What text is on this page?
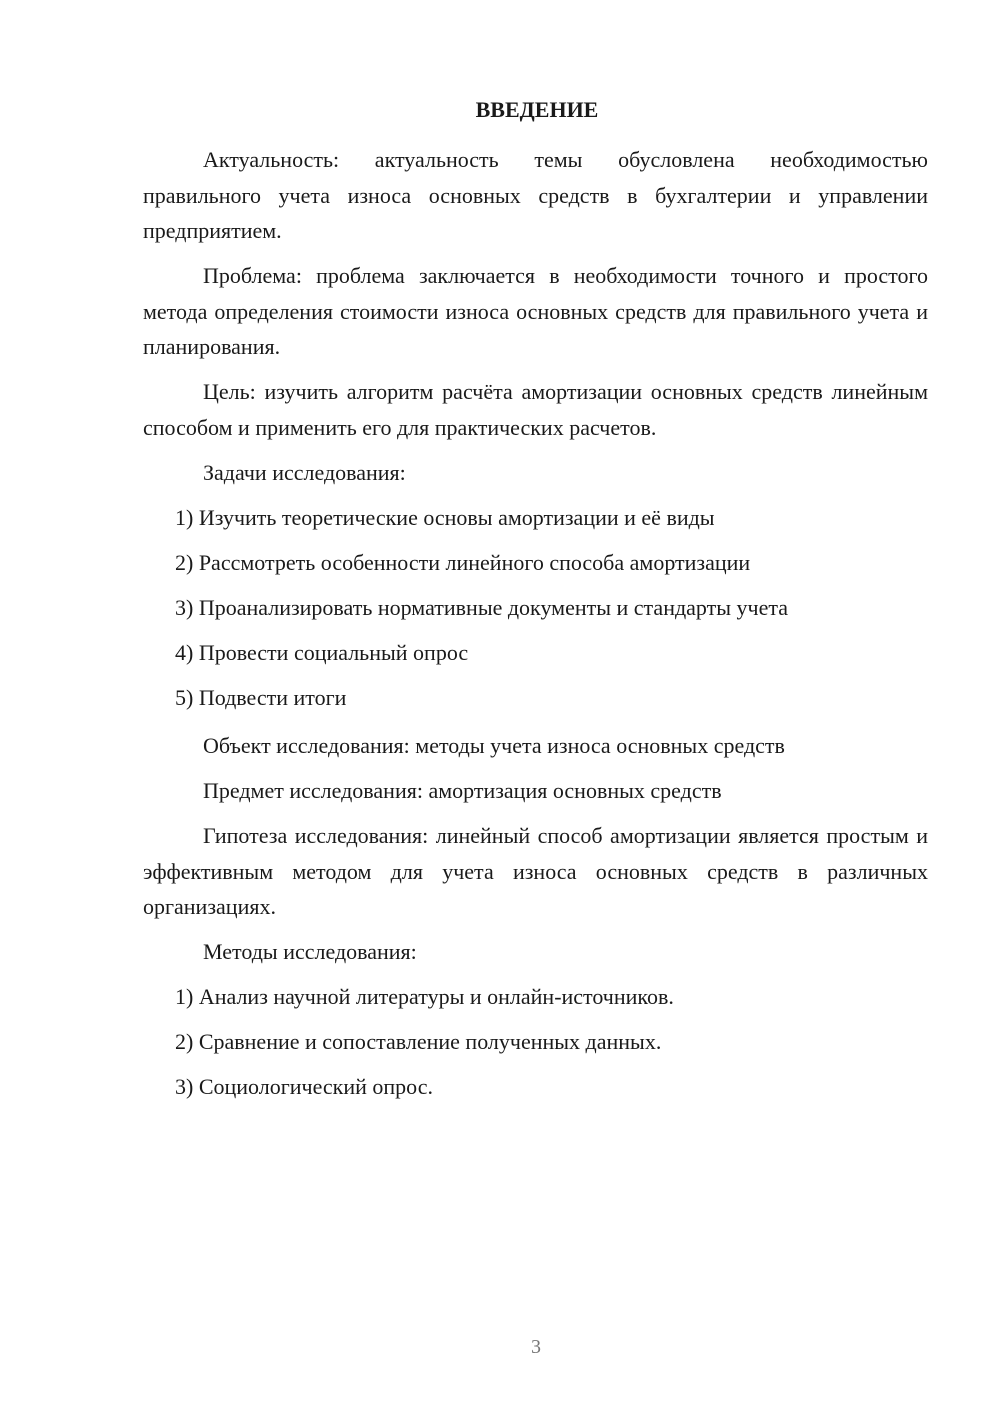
ВВЕДЕНИЕ

Актуальность: актуальность темы обусловлена необходимостью правильного учета износа основных средств в бухгалтерии и управлении предприятием.

Проблема: проблема заключается в необходимости точного и простого метода определения стоимости износа основных средств для правильного учета и планирования.

Цель: изучить алгоритм расчёта амортизации основных средств линейным способом и применить его для практических расчетов.

Задачи исследования:

1) Изучить теоретические основы амортизации и её виды
2) Рассмотреть особенности линейного способа амортизации
3) Проанализировать нормативные документы и стандарты учета
4) Провести социальный опрос
5) Подвести итоги

Объект исследования: методы учета износа основных средств

Предмет исследования: амортизация основных средств

Гипотеза исследования: линейный способ амортизации является простым и эффективным методом для учета износа основных средств в различных организациях.

Методы исследования:

1) Анализ научной литературы и онлайн-источников.
2) Сравнение и сопоставление полученных данных.
3) Социологический опрос.
3
